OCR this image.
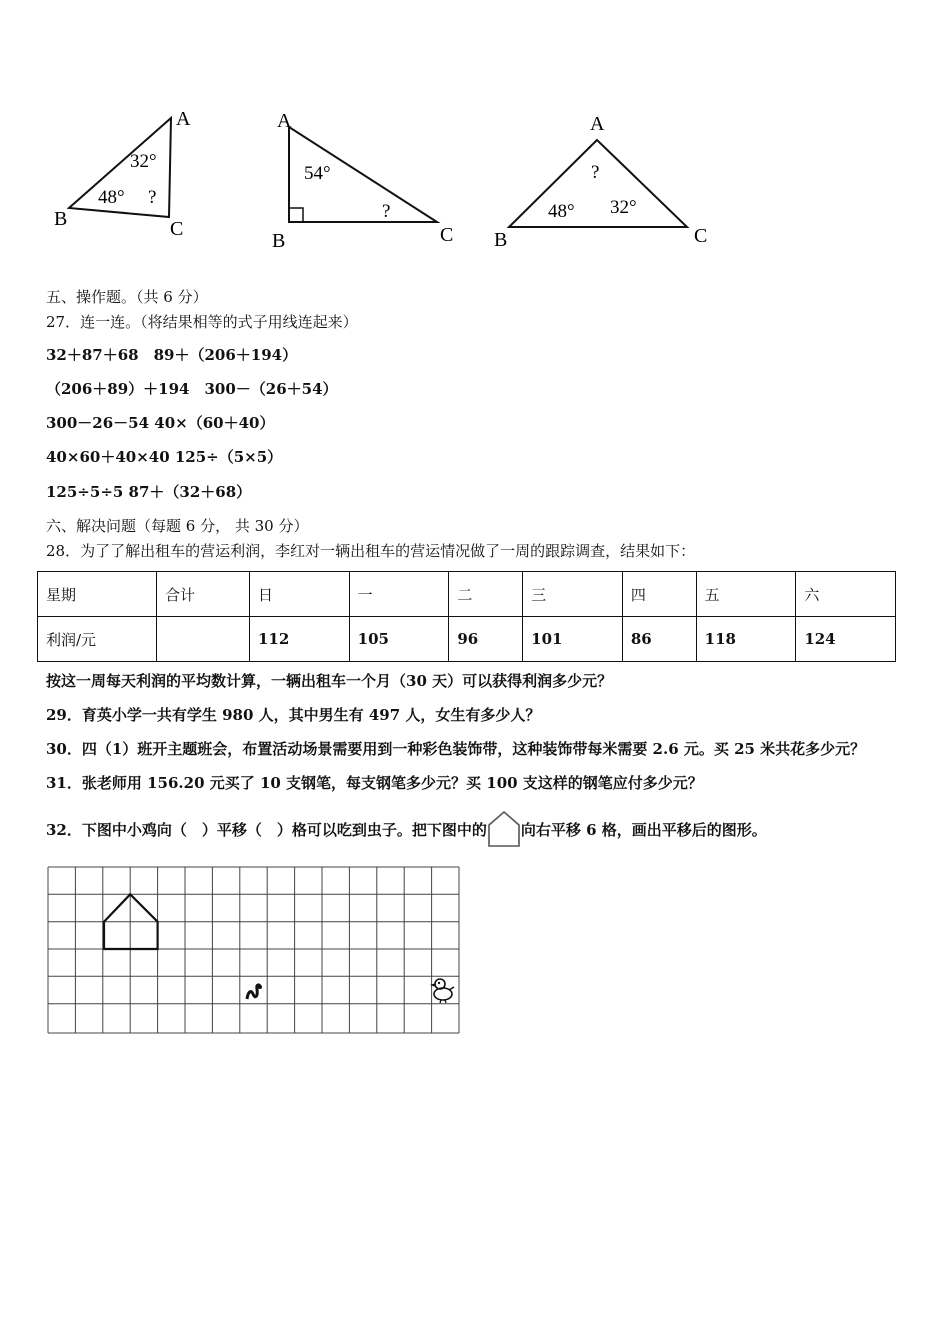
A
B	C
32°
48° ?
A
B	C
54°
?
A
B	C
?
48° 32°
五、操作题。（共 6 分）
27．连一连。（将结果相等的式子用线连起来）
32＋87＋68　89＋（206＋194）
（206＋89）＋194　300－（26＋54）
300－26－54 40×（60＋40）
40×60＋40×40 125÷（5×5）
125÷5÷5 87＋（32＋68）
六、解决问题（每题 6 分， 共 30 分）
28．为了了解出租车的营运利润，李红对一辆出租车的营运情况做了一周的跟踪调查，结果如下：
星期	合计	日	一	二	三	四	五	六
利润/元		112	105	96	101	86	118	124
按这一周每天利润的平均数计算，一辆出租车一个月（30 天）可以获得利润多少元？
29．育英小学一共有学生 980 人，其中男生有 497 人，女生有多少人？
30．四（1）班开主题班会，布置活动场景需要用到一种彩色装饰带，这种装饰带每米需要 2.6 元。买 25 米共花多少元？
31．张老师用 156.20 元买了 10 支钢笔，每支钢笔多少元？买 100 支这样的钢笔应付多少元？
32．下图中小鸡向（　）平移（　）格可以吃到虫子。把下图中的 向右平移 6 格，画出平移后的图形。
